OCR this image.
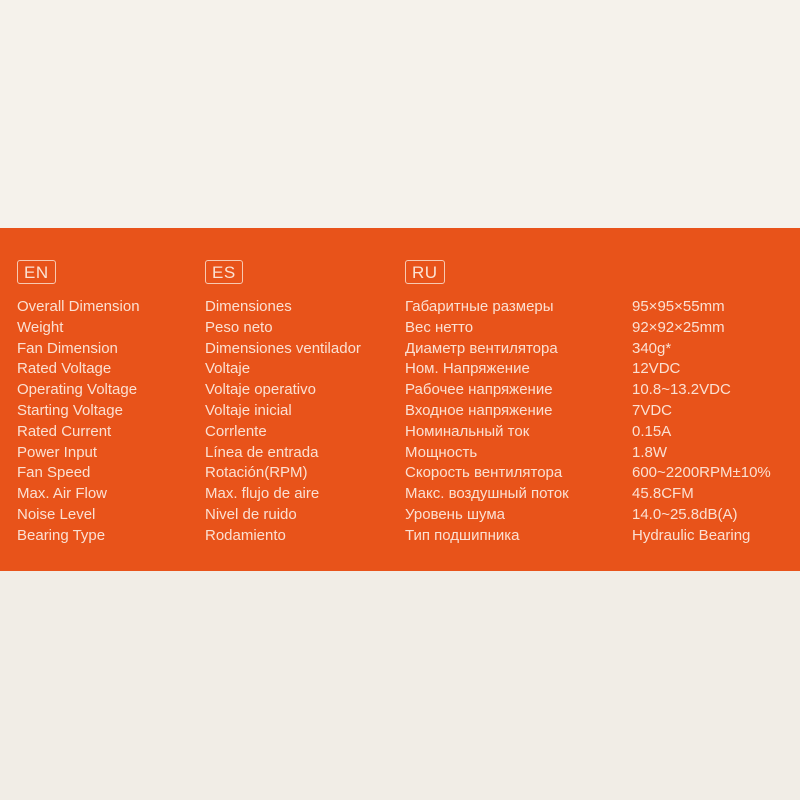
EN
Overall Dimension
Weight
Fan Dimension
Rated Voltage
Operating Voltage
Starting Voltage
Rated Current
Power Input
Fan Speed
Max. Air Flow
Noise Level
Bearing Type
ES
Dimensiones
Peso neto
Dimensiones ventilador
Voltaje
Voltaje operativo
Voltaje inicial
Corrlente
Línea de entrada
Rotación(RPM)
Max. flujo de aire
Nivel de ruido
Rodamiento
RU
Габаритные размеры
Вес нетто
Диаметр вентилятора
Ном. Напряжение
Рабочее напряжение
Входное напряжение
Номинальный ток
Мощность
Скорость вентилятора
Макс. воздушный поток
Уровень шума
Тип подшипника
95×95×55mm
92×92×25mm
340g*
12VDC
10.8~13.2VDC
7VDC
0.15A
1.8W
600~2200RPM±10%
45.8CFM
14.0~25.8dB(A)
Hydraulic Bearing
